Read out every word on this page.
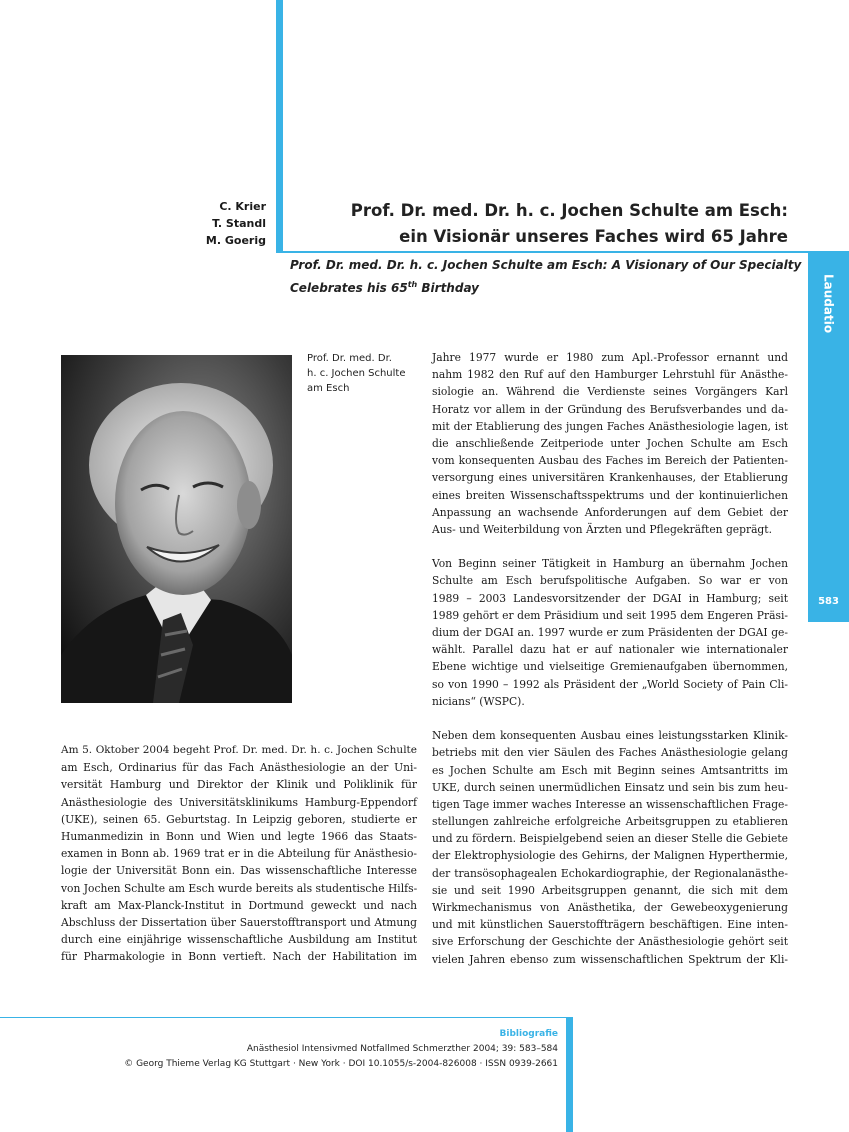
C. Krier
T. Standl
M. Goerig
Prof. Dr. med. Dr. h. c. Jochen Schulte am Esch:
ein Visionär unseres Faches wird 65 Jahre
Prof. Dr. med. Dr. h. c. Jochen Schulte am Esch: A Visionary of Our Specialty
Celebrates his 65th Birthday	Laudatio
583
Prof. Dr. med. Dr.
h. c. Jochen Schulte
am Esch
Am 5. Oktober 2004 begeht Prof. Dr. med. Dr. h. c. Jochen Schulte
am Esch, Ordinarius für das Fach Anästhesiologie an der Uni-
versität Hamburg und Direktor der Klinik und Poliklinik für
Anästhesiologie des Universitätsklinikums Hamburg-Eppendorf
(UKE), seinen 65. Geburtstag. In Leipzig geboren, studierte er
Humanmedizin in Bonn und Wien und legte 1966 das Staats-
examen in Bonn ab. 1969 trat er in die Abteilung für Anästhesio-
logie der Universität Bonn ein. Das wissenschaftliche Interesse
von Jochen Schulte am Esch wurde bereits als studentische Hilfs-
kraft am Max-Planck-Institut in Dortmund geweckt und nach
Abschluss der Dissertation über Sauerstofftransport und Atmung
durch eine einjährige wissenschaftliche Ausbildung am Institut
für Pharmakologie in Bonn vertieft. Nach der Habilitation im
Jahre 1977 wurde er 1980 zum Apl.-Professor ernannt und
nahm 1982 den Ruf auf den Hamburger Lehrstuhl für Anästhe-
siologie an. Während die Verdienste seines Vorgängers Karl
Horatz vor allem in der Gründung des Berufsverbandes und da-
mit der Etablierung des jungen Faches Anästhesiologie lagen, ist
die anschließende Zeitperiode unter Jochen Schulte am Esch
vom konsequenten Ausbau des Faches im Bereich der Patienten-
versorgung eines universitären Krankenhauses, der Etablierung
eines breiten Wissenschaftsspektrums und der kontinuierlichen
Anpassung an wachsende Anforderungen auf dem Gebiet der
Aus- und Weiterbildung von Ärzten und Pflegekräften geprägt.
Von Beginn seiner Tätigkeit in Hamburg an übernahm Jochen
Schulte am Esch berufspolitische Aufgaben. So war er von
1989 – 2003 Landesvorsitzender der DGAI in Hamburg; seit
1989 gehört er dem Präsidium und seit 1995 dem Engeren Präsi-
dium der DGAI an. 1997 wurde er zum Präsidenten der DGAI ge-
wählt. Parallel dazu hat er auf nationaler wie internationaler
Ebene wichtige und vielseitige Gremienaufgaben übernommen,
so von 1990 – 1992 als Präsident der „World Society of Pain Cli-
nicians“ (WSPC).
Neben dem konsequenten Ausbau eines leistungsstarken Klinik-
betriebs mit den vier Säulen des Faches Anästhesiologie gelang
es Jochen Schulte am Esch mit Beginn seines Amtsantritts im
UKE, durch seinen unermüdlichen Einsatz und sein bis zum heu-
tigen Tage immer waches Interesse an wissenschaftlichen Frage-
stellungen zahlreiche erfolgreiche Arbeitsgruppen zu etablieren
und zu fördern. Beispielgebend seien an dieser Stelle die Gebiete
der Elektrophysiologie des Gehirns, der Malignen Hyperthermie,
der transösophagealen Echokardiographie, der Regionalanästhe-
sie und seit 1990 Arbeitsgruppen genannt, die sich mit dem
Wirkmechanismus von Anästhetika, der Gewebeoxygenierung
und mit künstlichen Sauerstoffträgern beschäftigen. Eine inten-
sive Erforschung der Geschichte der Anästhesiologie gehört seit
vielen Jahren ebenso zum wissenschaftlichen Spektrum der Kli-
Bibliografie
Anästhesiol Intensivmed Notfallmed Schmerzther 2004; 39: 583–584
© Georg Thieme Verlag KG Stuttgart · New York · DOI 10.1055/s-2004-826008 · ISSN 0939-2661
